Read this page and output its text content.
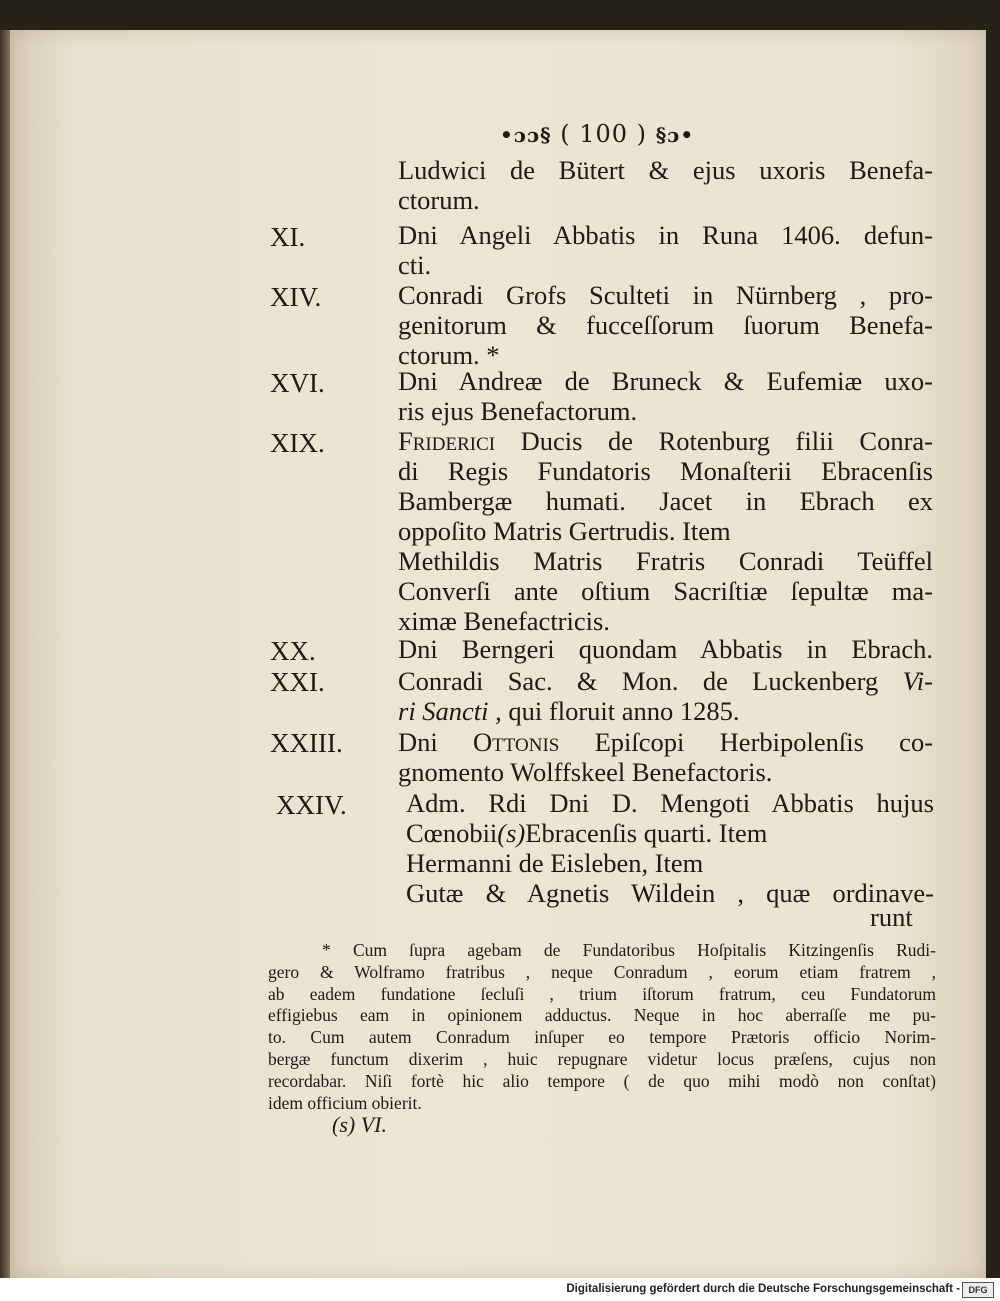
•ɔɔ§ ( 100 ) §ɔ•
Ludwici de Bütert & ejus uxoris Benefa-
ctorum.
XI.	Dni Angeli Abbatis in Runa 1406. defun-
cti.
XIV.	Conradi Grofs Sculteti in Nürnberg , pro-
genitorum & fucceſſorum ſuorum Benefa-
ctorum. *
XVI.	Dni Andreæ de Bruneck & Eufemiæ uxo-
ris ejus Benefactorum.
XIX.	Friderici Ducis de Rotenburg filii Conra-
di Regis Fundatoris Monaſterii Ebracenſis
Bambergæ humati. Jacet in Ebrach ex
oppoſito Matris Gertrudis. Item
Methildis Matris Fratris Conradi Teüffel
Converſi ante oſtium Sacriſtiæ ſepultæ ma-
ximæ Benefactricis.
XX.	Dni Berngeri quondam Abbatis in Ebrach.
XXI.	Conradi Sac. & Mon. de Luckenberg Vi-
ri Sancti , qui floruit anno 1285.
XXIII. Dni Ottonis Epiſcopi Herbipolenſis co-
gnomento Wolffskeel Benefactoris.
XXIV. Adm. Rdi Dni D. Mengoti Abbatis hujus
Cœnobii(s)Ebracenſis quarti. Item
Hermanni de Eisleben, Item
Gutæ & Agnetis Wildein , quæ ordinave-
runt
* Cum ſupra agebam de Fundatoribus Hoſpitalis Kitzingenſis Rudi-
gero & Wolframo fratribus , neque Conradum , eorum etiam fratrem ,
ab eadem fundatione ſecluſi , trium iſtorum fratrum, ceu Fundatorum
effigiebus eam in opinionem adductus. Neque in hoc aberraſſe me pu-
to. Cum autem Conradum inſuper eo tempore Prætoris officio Norim-
bergæ functum dixerim , huic repugnare videtur locus præſens, cujus non
recordabar. Niſi fortè hic alio tempore ( de quo mihi modò non conſtat)
idem officium obierit.
(s) VI.
Digitalisierung gefördert durch die Deutsche Forschungsgemeinschaft - DFG
